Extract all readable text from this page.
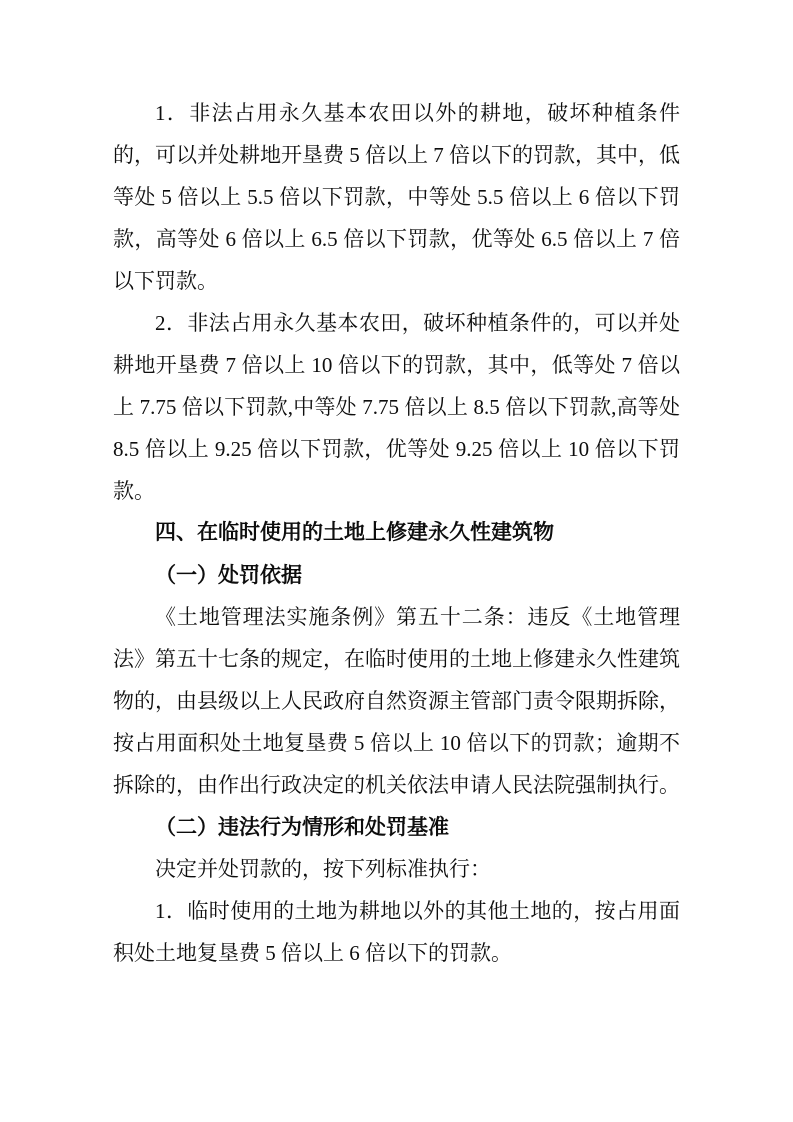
1．非法占用永久基本农田以外的耕地，破坏种植条件的，可以并处耕地开垦费 5 倍以上 7 倍以下的罚款，其中，低等处 5 倍以上 5.5 倍以下罚款，中等处 5.5 倍以上 6 倍以下罚款，高等处 6 倍以上 6.5 倍以下罚款，优等处 6.5 倍以上 7 倍以下罚款。

2．非法占用永久基本农田，破坏种植条件的，可以并处耕地开垦费 7 倍以上 10 倍以下的罚款，其中，低等处 7 倍以上 7.75 倍以下罚款,中等处 7.75 倍以上 8.5 倍以下罚款,高等处 8.5 倍以上 9.25 倍以下罚款，优等处 9.25 倍以上 10 倍以下罚款。

四、在临时使用的土地上修建永久性建筑物

（一）处罚依据

《土地管理法实施条例》第五十二条：违反《土地管理法》第五十七条的规定，在临时使用的土地上修建永久性建筑物的，由县级以上人民政府自然资源主管部门责令限期拆除，按占用面积处土地复垦费 5 倍以上 10 倍以下的罚款；逾期不拆除的，由作出行政决定的机关依法申请人民法院强制执行。

（二）违法行为情形和处罚基准

决定并处罚款的，按下列标准执行：

1．临时使用的土地为耕地以外的其他土地的，按占用面积处土地复垦费 5 倍以上 6 倍以下的罚款。
